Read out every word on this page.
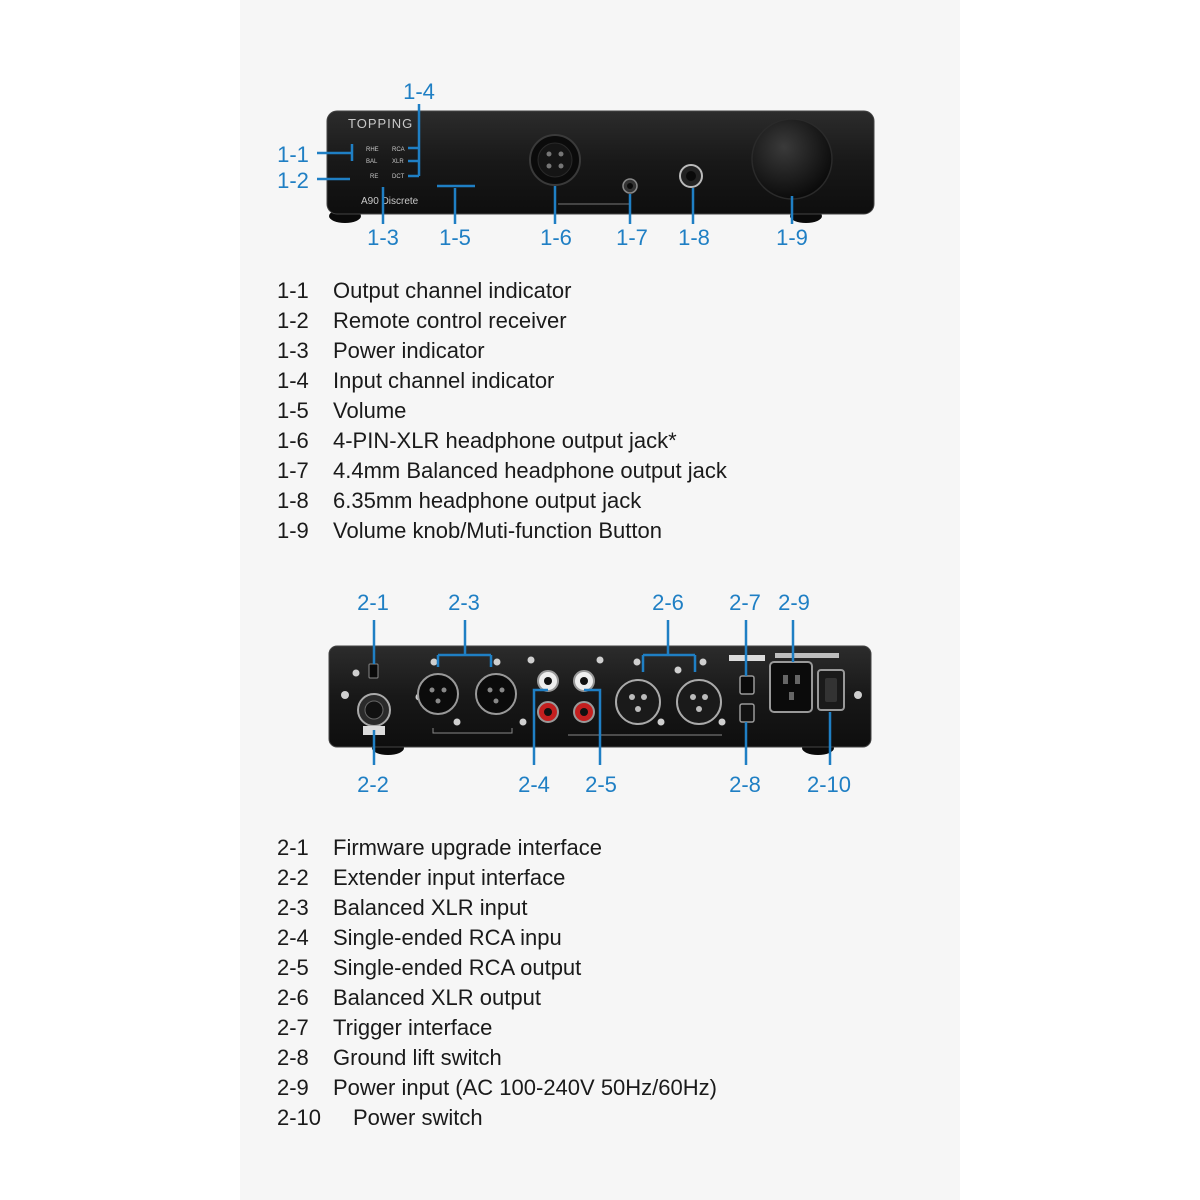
TOPPING
A90 Discrete
RHE RCA
BAL XLR
RE DCT
1-1
1-2
1-3
1-4
1-5	1-6 1-7 1-8	1-9
2-1
2-2
2-3
2-4 2-5
2-6 2-7
2-8
2-9
2-10
1-1	Output channel indicator
1-2	Remote control receiver
1-3	Power indicator
1-4	Input channel indicator
1-5	Volume
1-6	4-PIN-XLR headphone output jack*
1-7	4.4mm Balanced headphone output jack
1-8	6.35mm headphone output jack
1-9	Volume knob/Muti-function Button
2-1	Firmware upgrade interface
2-2	Extender input interface
2-3	Balanced XLR input
2-4	Single-ended RCA inpu
2-5	Single-ended RCA output
2-6	Balanced XLR output
2-7	Trigger interface
2-8	Ground lift switch
2-9	Power input (AC 100-240V 50Hz/60Hz)
2-10	Power switch
